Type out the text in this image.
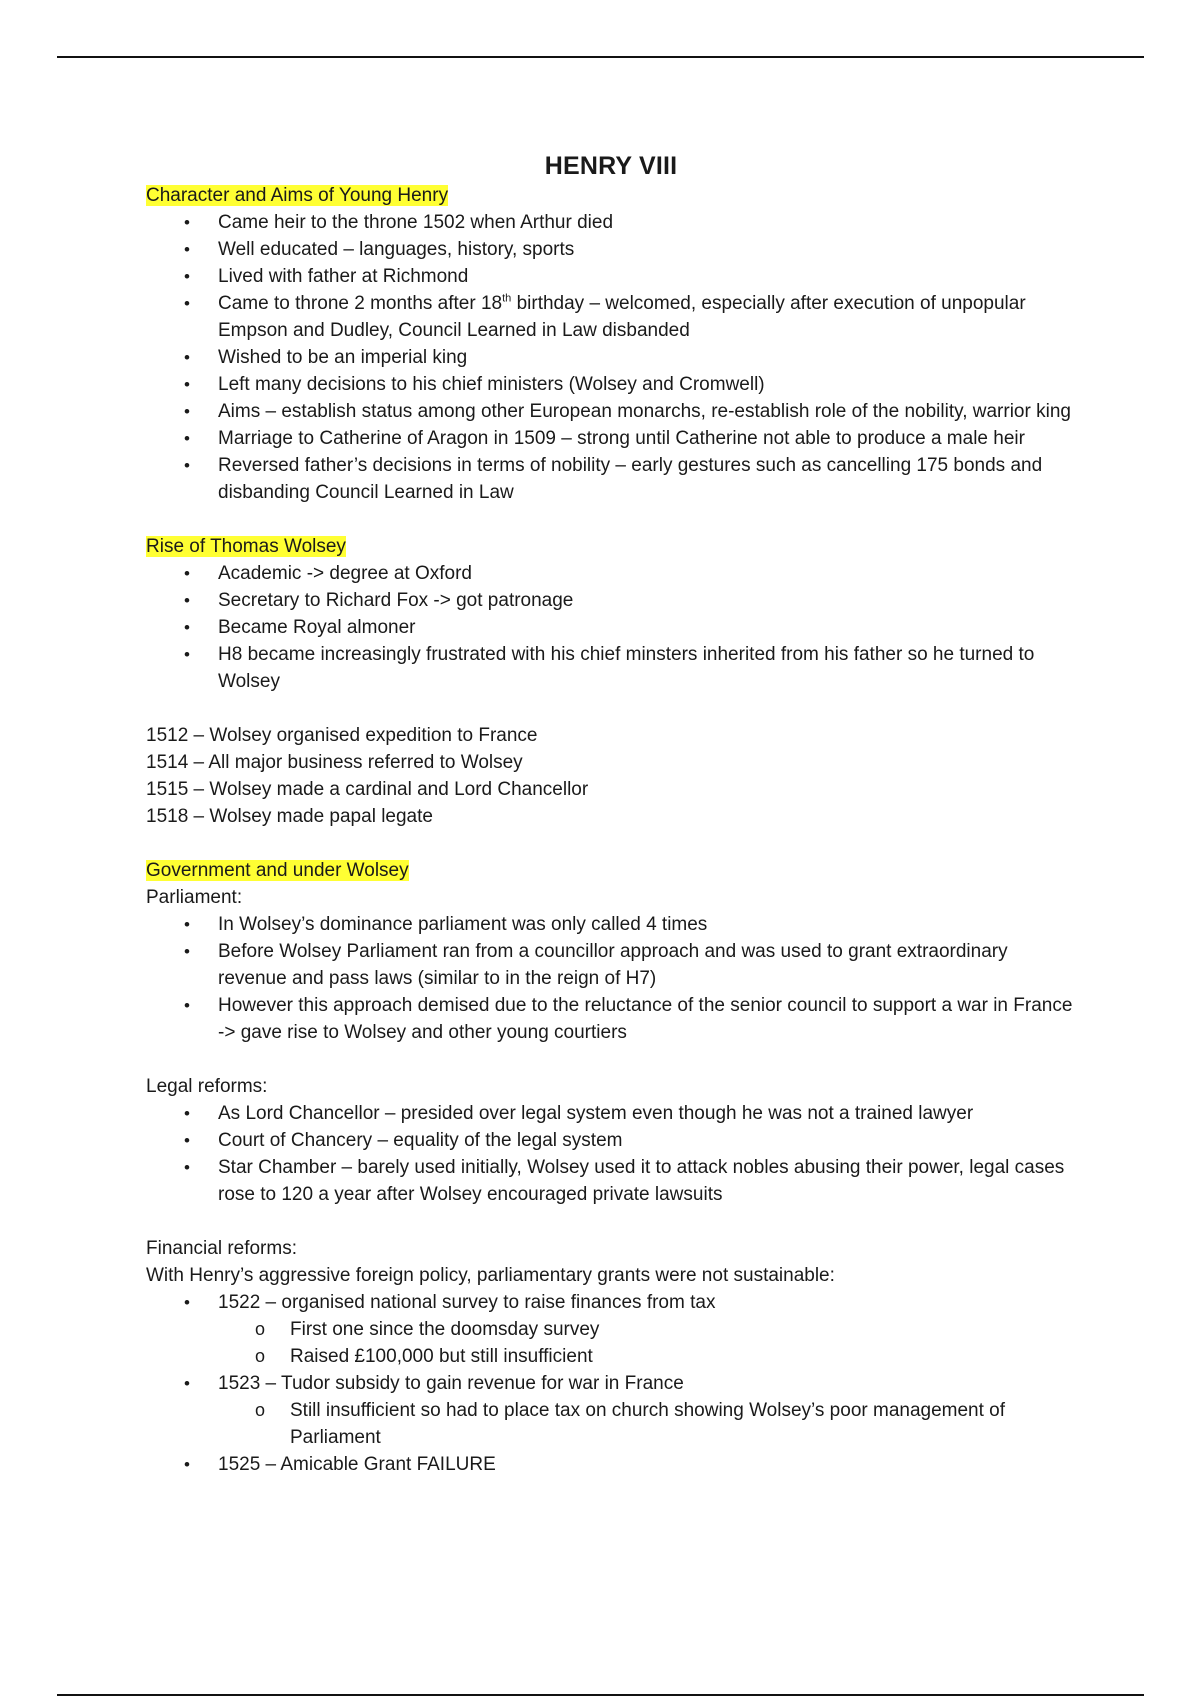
HENRY VIII

Character and Aims of Young Henry

• Came heir to the throne 1502 when Arthur died
• Well educated – languages, history, sports
• Lived with father at Richmond
• Came to throne 2 months after 18th birthday – welcomed, especially after execution of unpopular Empson and Dudley, Council Learned in Law disbanded
• Wished to be an imperial king
• Left many decisions to his chief ministers (Wolsey and Cromwell)
• Aims – establish status among other European monarchs, re-establish role of the nobility, warrior king
• Marriage to Catherine of Aragon in 1509 – strong until Catherine not able to produce a male heir
• Reversed father’s decisions in terms of nobility – early gestures such as cancelling 175 bonds and disbanding Council Learned in Law

Rise of Thomas Wolsey

• Academic -> degree at Oxford
• Secretary to Richard Fox -> got patronage
• Became Royal almoner
• H8 became increasingly frustrated with his chief minsters inherited from his father so he turned to Wolsey

1512 – Wolsey organised expedition to France

1514 – All major business referred to Wolsey

1515 – Wolsey made a cardinal and Lord Chancellor

1518 – Wolsey made papal legate

Government and under Wolsey

Parliament:

• In Wolsey’s dominance parliament was only called 4 times
• Before Wolsey Parliament ran from a councillor approach and was used to grant extraordinary revenue and pass laws (similar to in the reign of H7)
• However this approach demised due to the reluctance of the senior council to support a war in France -> gave rise to Wolsey and other young courtiers

Legal reforms:

• As Lord Chancellor – presided over legal system even though he was not a trained lawyer
• Court of Chancery – equality of the legal system
• Star Chamber – barely used initially, Wolsey used it to attack nobles abusing their power, legal cases rose to 120 a year after Wolsey encouraged private lawsuits

Financial reforms:

With Henry’s aggressive foreign policy, parliamentary grants were not sustainable:

• 1522 – organised national survey to raise finances from tax
o First one since the doomsday survey
o Raised £100,000 but still insufficient
• 1523 – Tudor subsidy to gain revenue for war in France
o Still insufficient so had to place tax on church showing Wolsey’s poor management of Parliament
• 1525 – Amicable Grant FAILURE
